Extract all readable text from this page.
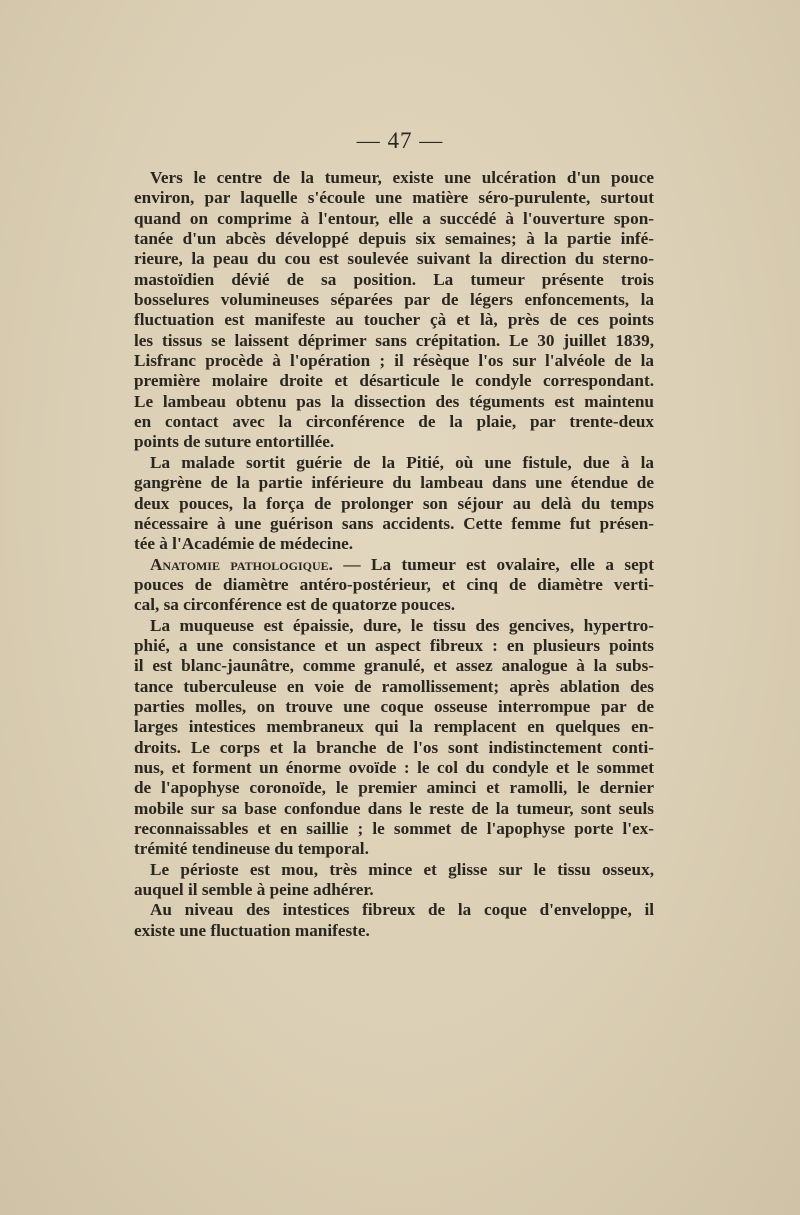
— 47 —

Vers le centre de la tumeur, existe une ulcération d'un pouce
environ, par laquelle s'écoule une matière séro-purulente, surtout
quand on comprime à l'entour, elle a succédé à l'ouverture spon-
tanée d'un abcès développé depuis six semaines; à la partie infé-
rieure, la peau du cou est soulevée suivant la direction du sterno-
mastoïdien dévié de sa position. La tumeur présente trois
bosselures volumineuses séparées par de légers enfoncements, la
fluctuation est manifeste au toucher çà et là, près de ces points
les tissus se laissent déprimer sans crépitation. Le 30 juillet 1839,
Lisfranc procède à l'opération ; il résèque l'os sur l'alvéole de la
première molaire droite et désarticule le condyle correspondant.
Le lambeau obtenu pas la dissection des téguments est maintenu
en contact avec la circonférence de la plaie, par trente-deux
points de suture entortillée.

La malade sortit guérie de la Pitié, où une fistule, due à la
gangrène de la partie inférieure du lambeau dans une étendue de
deux pouces, la força de prolonger son séjour au delà du temps
nécessaire à une guérison sans accidents. Cette femme fut présen-
tée à l'Académie de médecine.

Anatomie pathologique. — La tumeur est ovalaire, elle a sept
pouces de diamètre antéro-postérieur, et cinq de diamètre verti-
cal, sa circonférence est de quatorze pouces.

La muqueuse est épaissie, dure, le tissu des gencives, hypertro-
phié, a une consistance et un aspect fibreux : en plusieurs points
il est blanc-jaunâtre, comme granulé, et assez analogue à la subs-
tance tuberculeuse en voie de ramollissement; après ablation des
parties molles, on trouve une coque osseuse interrompue par de
larges intestices membraneux qui la remplacent en quelques en-
droits. Le corps et la branche de l'os sont indistinctement conti-
nus, et forment un énorme ovoïde : le col du condyle et le sommet
de l'apophyse coronoïde, le premier aminci et ramolli, le dernier
mobile sur sa base confondue dans le reste de la tumeur, sont seuls
reconnaissables et en saillie ; le sommet de l'apophyse porte l'ex-
trémité tendineuse du temporal.

Le périoste est mou, très mince et glisse sur le tissu osseux,
auquel il semble à peine adhérer.

Au niveau des intestices fibreux de la coque d'enveloppe, il
existe une fluctuation manifeste.
